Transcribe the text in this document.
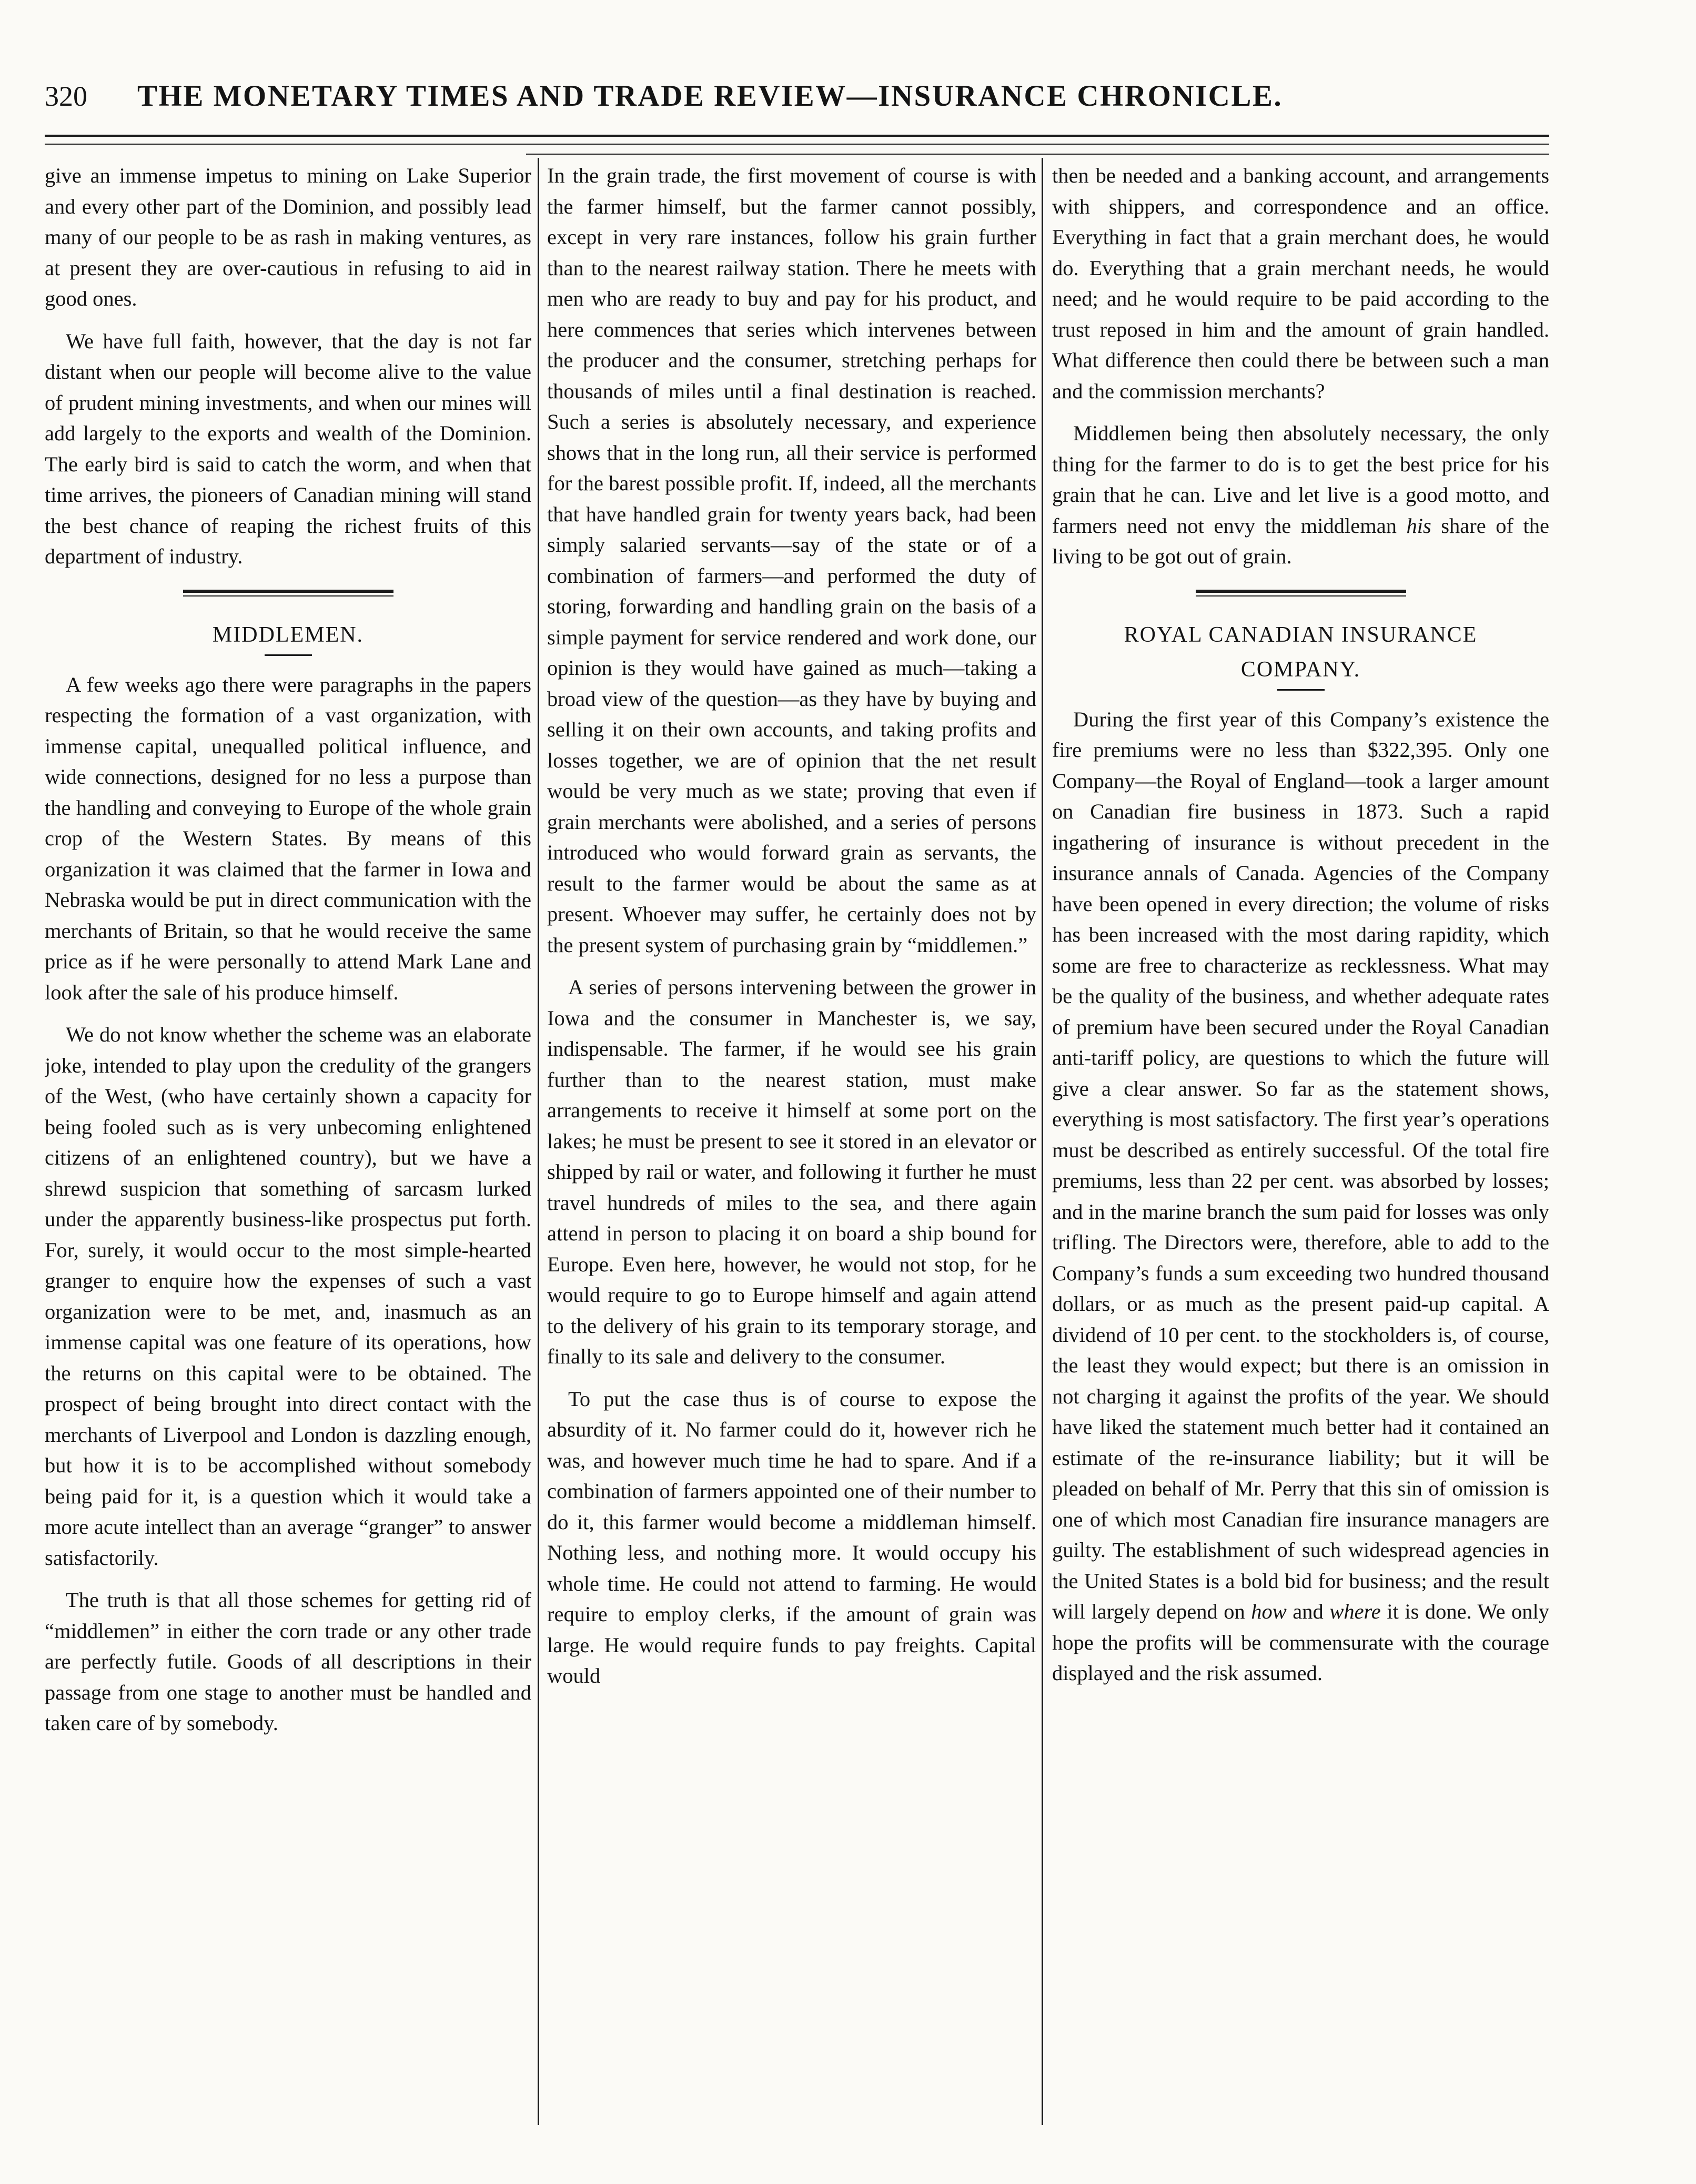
320 THE MONETARY TIMES AND TRADE REVIEW—INSURANCE CHRONICLE.

give an immense impetus to mining on Lake Superior and every other part of the Dominion, and possibly lead many of our people to be as rash in making ventures, as at present they are over-cautious in refusing to aid in good ones.

We have full faith, however, that the day is not far distant when our people will become alive to the value of prudent mining investments, and when our mines will add largely to the exports and wealth of the Dominion. The early bird is said to catch the worm, and when that time arrives, the pioneers of Canadian mining will stand the best chance of reaping the richest fruits of this department of industry.

MIDDLEMEN.

A few weeks ago there were paragraphs in the papers respecting the formation of a vast organization, with immense capital, unequalled political influence, and wide connections, designed for no less a purpose than the handling and conveying to Europe of the whole grain crop of the Western States. By means of this organization it was claimed that the farmer in Iowa and Nebraska would be put in direct communication with the merchants of Britain, so that he would receive the same price as if he were personally to attend Mark Lane and look after the sale of his produce himself.

We do not know whether the scheme was an elaborate joke, intended to play upon the credulity of the grangers of the West, (who have certainly shown a capacity for being fooled such as is very unbecoming enlightened citizens of an enlightened country), but we have a shrewd suspicion that something of sarcasm lurked under the apparently business-like prospectus put forth. For, surely, it would occur to the most simple-hearted granger to enquire how the expenses of such a vast organization were to be met, and, inasmuch as an immense capital was one feature of its operations, how the returns on this capital were to be obtained. The prospect of being brought into direct contact with the merchants of Liverpool and London is dazzling enough, but how it is to be accomplished without somebody being paid for it, is a question which it would take a more acute intellect than an average “granger” to answer satisfactorily.

The truth is that all those schemes for getting rid of “middlemen” in either the corn trade or any other trade are perfectly futile. Goods of all descriptions in their passage from one stage to another must be handled and taken care of by somebody.

In the grain trade, the first movement of course is with the farmer himself, but the farmer cannot possibly, except in very rare instances, follow his grain further than to the nearest railway station. There he meets with men who are ready to buy and pay for his product, and here commences that series which intervenes between the producer and the consumer, stretching perhaps for thousands of miles until a final destination is reached. Such a series is absolutely necessary, and experience shows that in the long run, all their service is performed for the barest possible profit. If, indeed, all the merchants that have handled grain for twenty years back, had been simply salaried servants—say of the state or of a combination of farmers—and performed the duty of storing, forwarding and handling grain on the basis of a simple payment for service rendered and work done, our opinion is they would have gained as much—taking a broad view of the question—as they have by buying and selling it on their own accounts, and taking profits and losses together, we are of opinion that the net result would be very much as we state; proving that even if grain merchants were abolished, and a series of persons introduced who would forward grain as servants, the result to the farmer would be about the same as at present. Whoever may suffer, he certainly does not by the present system of purchasing grain by “middlemen.”

A series of persons intervening between the grower in Iowa and the consumer in Manchester is, we say, indispensable. The farmer, if he would see his grain further than to the nearest station, must make arrangements to receive it himself at some port on the lakes; he must be present to see it stored in an elevator or shipped by rail or water, and following it further he must travel hundreds of miles to the sea, and there again attend in person to placing it on board a ship bound for Europe. Even here, however, he would not stop, for he would require to go to Europe himself and again attend to the delivery of his grain to its temporary storage, and finally to its sale and delivery to the consumer.

To put the case thus is of course to expose the absurdity of it. No farmer could do it, however rich he was, and however much time he had to spare. And if a combination of farmers appointed one of their number to do it, this farmer would become a middleman himself. Nothing less, and nothing more. It would occupy his whole time. He could not attend to farming. He would require to employ clerks, if the amount of grain was large. He would require funds to pay freights. Capital would

then be needed and a banking account, and arrangements with shippers, and correspondence and an office. Everything in fact that a grain merchant does, he would do. Everything that a grain merchant needs, he would need; and he would require to be paid according to the trust reposed in him and the amount of grain handled. What difference then could there be between such a man and the commission merchants?

Middlemen being then absolutely necessary, the only thing for the farmer to do is to get the best price for his grain that he can. Live and let live is a good motto, and farmers need not envy the middleman his share of the living to be got out of grain.

ROYAL CANADIAN INSURANCE
COMPANY.

During the first year of this Company’s existence the fire premiums were no less than $322,395. Only one Company—the Royal of England—took a larger amount on Canadian fire business in 1873. Such a rapid ingathering of insurance is without precedent in the insurance annals of Canada. Agencies of the Company have been opened in every direction; the volume of risks has been increased with the most daring rapidity, which some are free to characterize as recklessness. What may be the quality of the business, and whether adequate rates of premium have been secured under the Royal Canadian anti-tariff policy, are questions to which the future will give a clear answer. So far as the statement shows, everything is most satisfactory. The first year’s operations must be described as entirely successful. Of the total fire premiums, less than 22 per cent. was absorbed by losses; and in the marine branch the sum paid for losses was only trifling. The Directors were, therefore, able to add to the Company’s funds a sum exceeding two hundred thousand dollars, or as much as the present paid-up capital. A dividend of 10 per cent. to the stockholders is, of course, the least they would expect; but there is an omission in not charging it against the profits of the year. We should have liked the statement much better had it contained an estimate of the re-insurance liability; but it will be pleaded on behalf of Mr. Perry that this sin of omission is one of which most Canadian fire insurance managers are guilty. The establishment of such widespread agencies in the United States is a bold bid for business; and the result will largely depend on how and where it is done. We only hope the profits will be commensurate with the courage displayed and the risk assumed.
